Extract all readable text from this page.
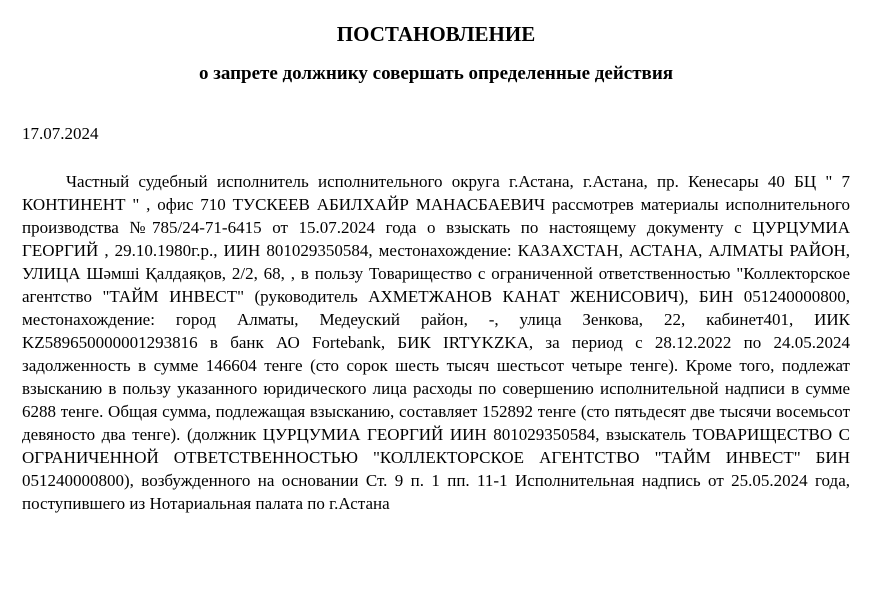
ПОСТАНОВЛЕНИЕ
о запрете должнику совершать определенные действия

17.07.2024

Частный судебный исполнитель исполнительного округа г.Астана, г.Астана, пр. Кенесары 40 БЦ " 7 КОНТИНЕНТ " , офис 710 ТУСКЕЕВ АБИЛХАЙР МАНАСБАЕВИЧ рассмотрев материалы исполнительного производства №785/24-71-6415 от 15.07.2024 года о взыскать по настоящему документу с ЦУРЦУМИА ГЕОРГИЙ , 29.10.1980г.р., ИИН 801029350584, местонахождение: КАЗАХСТАН, АСТАНА, АЛМАТЫ РАЙОН, УЛИЦА Шәмші Қалдаяқов, 2/2, 68, , в пользу Товарищество с ограниченной ответственностью "Коллекторское агентство "ТАЙМ ИНВЕСТ" (руководитель АХМЕТЖАНОВ КАНАТ ЖЕНИСОВИЧ), БИН 051240000800, местонахождение: город Алматы, Медеуский район, -, улица Зенкова, 22, кабинет401, ИИК KZ589650000001293816 в банк АО Fortebank, БИК IRTYKZKA, за период с 28.12.2022 по 24.05.2024 задолженность в сумме 146604 тенге (сто сорок шесть тысяч шестьсот четыре тенге). Кроме того, подлежат взысканию в пользу указанного юридического лица расходы по совершению исполнительной надписи в сумме 6288 тенге. Общая сумма, подлежащая взысканию, составляет 152892 тенге (сто пятьдесят две тысячи восемьсот девяносто два тенге). (должник ЦУРЦУМИА ГЕОРГИЙ ИИН 801029350584, взыскатель ТОВАРИЩЕСТВО С ОГРАНИЧЕННОЙ ОТВЕТСТВЕННОСТЬЮ "КОЛЛЕКТОРСКОЕ АГЕНТСТВО "ТАЙМ ИНВЕСТ" БИН 051240000800), возбужденного на основании Ст. 9 п. 1 пп. 11-1 Исполнительная надпись от 25.05.2024 года, поступившего из Нотариальная палата по г.Астана
